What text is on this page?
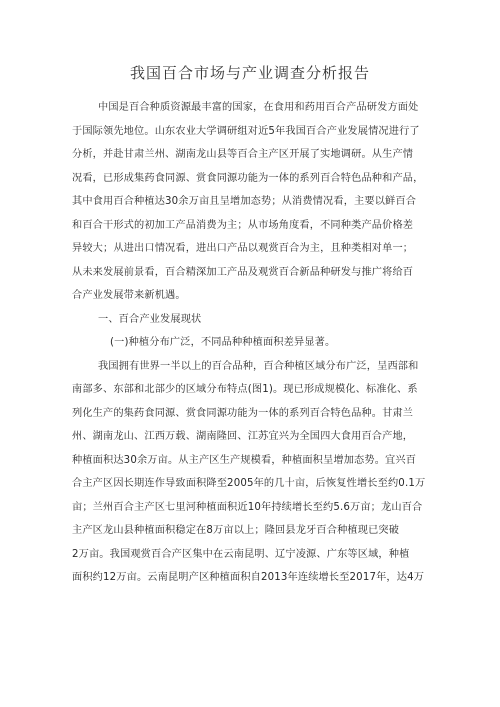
我国百合市场与产业调查分析报告
中国是百合种质资源最丰富的国家，在食用和药用百合产品研发方面处
于国际领先地位。山东农业大学调研组对近5年我国百合产业发展情况进行了
分析，并赴甘肃兰州、湖南龙山县等百合主产区开展了实地调研。从生产情
况看，已形成集药食同源、赏食同源功能为一体的系列百合特色品种和产品，
其中食用百合种植达30余万亩且呈增加态势；从消费情况看，主要以鲜百合
和百合干形式的初加工产品消费为主；从市场角度看，不同种类产品价格差
异较大；从进出口情况看，进出口产品以观赏百合为主，且种类相对单一；
从未来发展前景看，百合精深加工产品及观赏百合新品种研发与推广将给百
合产业发展带来新机遇。
一、百合产业发展现状
(一)种植分布广泛，不同品种种植面积差异显著。
我国拥有世界一半以上的百合品种，百合种植区域分布广泛，呈西部和
南部多、东部和北部少的区域分布特点(图1)。现已形成规模化、标准化、系
列化生产的集药食同源、赏食同源功能为一体的系列百合特色品种。甘肃兰
州、湖南龙山、江西万载、湖南隆回、江苏宜兴为全国四大食用百合产地，
种植面积达30余万亩。从主产区生产规模看，种植面积呈增加态势。宜兴百
合主产区因长期连作导致面积降至2005年的几十亩，后恢复性增长至约0.1万
亩；兰州百合主产区七里河种植面积近10年持续增长至约5.6万亩；龙山百合
主产区龙山县种植面积稳定在8万亩以上；隆回县龙牙百合种植现已突破
2万亩。我国观赏百合产区集中在云南昆明、辽宁凌源、广东等区域，种植
面积约12万亩。云南昆明产区种植面积自2013年连续增长至2017年，达4万
